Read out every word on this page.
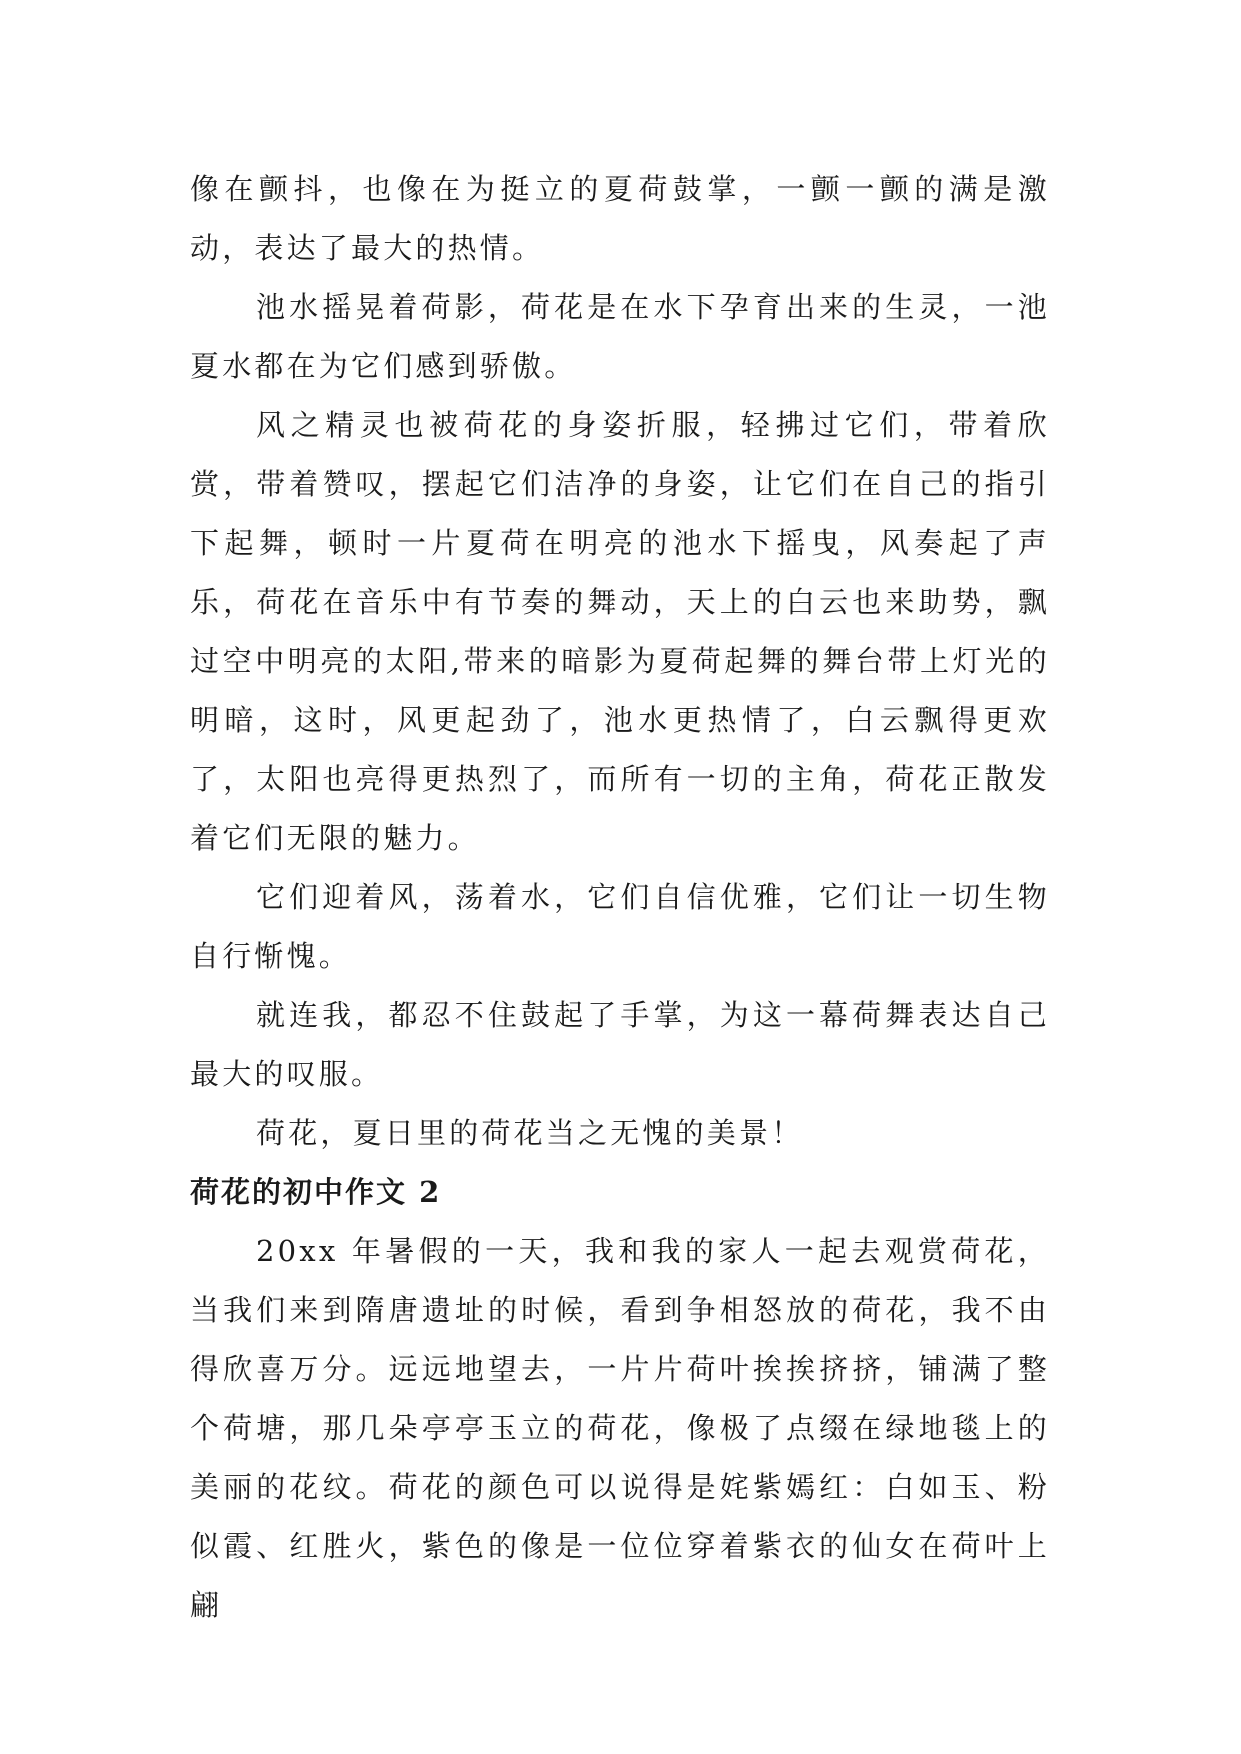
像在颤抖，也像在为挺立的夏荷鼓掌，一颤一颤的满是激动，表达了最大的热情。

池水摇晃着荷影，荷花是在水下孕育出来的生灵，一池夏水都在为它们感到骄傲。

风之精灵也被荷花的身姿折服，轻拂过它们，带着欣赏，带着赞叹，摆起它们洁净的身姿，让它们在自己的指引下起舞，顿时一片夏荷在明亮的池水下摇曳，风奏起了声乐，荷花在音乐中有节奏的舞动，天上的白云也来助势，飘过空中明亮的太阳,带来的暗影为夏荷起舞的舞台带上灯光的明暗，这时，风更起劲了，池水更热情了，白云飘得更欢了，太阳也亮得更热烈了，而所有一切的主角，荷花正散发着它们无限的魅力。

它们迎着风，荡着水，它们自信优雅，它们让一切生物自行惭愧。

就连我，都忍不住鼓起了手掌，为这一幕荷舞表达自己最大的叹服。

荷花，夏日里的荷花当之无愧的美景！

荷花的初中作文 2

20xx 年暑假的一天，我和我的家人一起去观赏荷花，当我们来到隋唐遗址的时候，看到争相怒放的荷花，我不由得欣喜万分。远远地望去，一片片荷叶挨挨挤挤，铺满了整个荷塘，那几朵亭亭玉立的荷花，像极了点缀在绿地毯上的美丽的花纹。荷花的颜色可以说得是姹紫嫣红：白如玉、粉似霞、红胜火，紫色的像是一位位穿着紫衣的仙女在荷叶上翩
